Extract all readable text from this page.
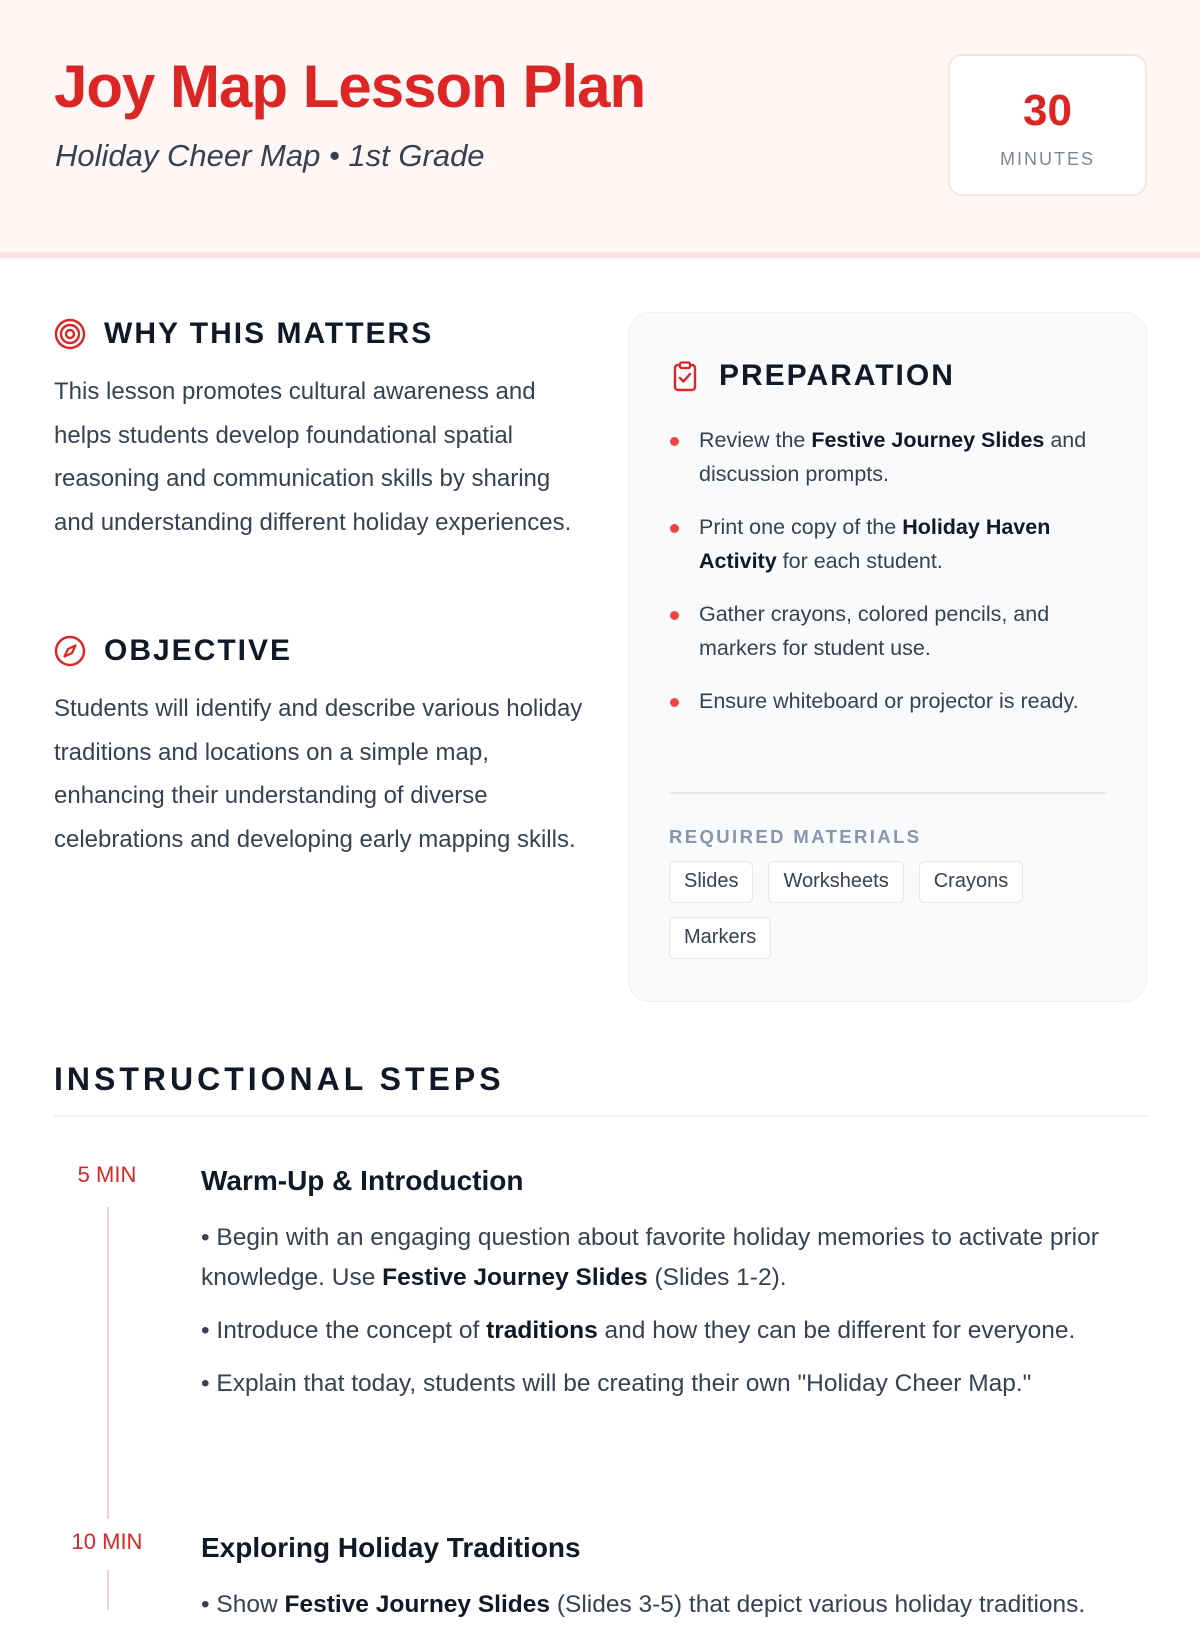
Joy Map Lesson Plan
Holiday Cheer Map • 1st Grade
30
MINUTES
WHY THIS MATTERS
This lesson promotes cultural awareness and helps students develop foundational spatial reasoning and communication skills by sharing and understanding different holiday experiences.
OBJECTIVE
Students will identify and describe various holiday traditions and locations on a simple map, enhancing their understanding of diverse celebrations and developing early mapping skills.
PREPARATION
Review the Festive Journey Slides and discussion prompts.
Print one copy of the Holiday Haven Activity for each student.
Gather crayons, colored pencils, and markers for student use.
Ensure whiteboard or projector is ready.
REQUIRED MATERIALS
Slides	Worksheets	Crayons
Markers
INSTRUCTIONAL STEPS
5 MIN	Warm-Up & Introduction

• Begin with an engaging question about favorite holiday memories to activate prior knowledge. Use Festive Journey Slides (Slides 1-2).

• Introduce the concept of traditions and how they can be different for everyone.

• Explain that today, students will be creating their own "Holiday Cheer Map."

10 MIN	Exploring Holiday Traditions

• Show Festive Journey Slides (Slides 3-5) that depict various holiday traditions.
